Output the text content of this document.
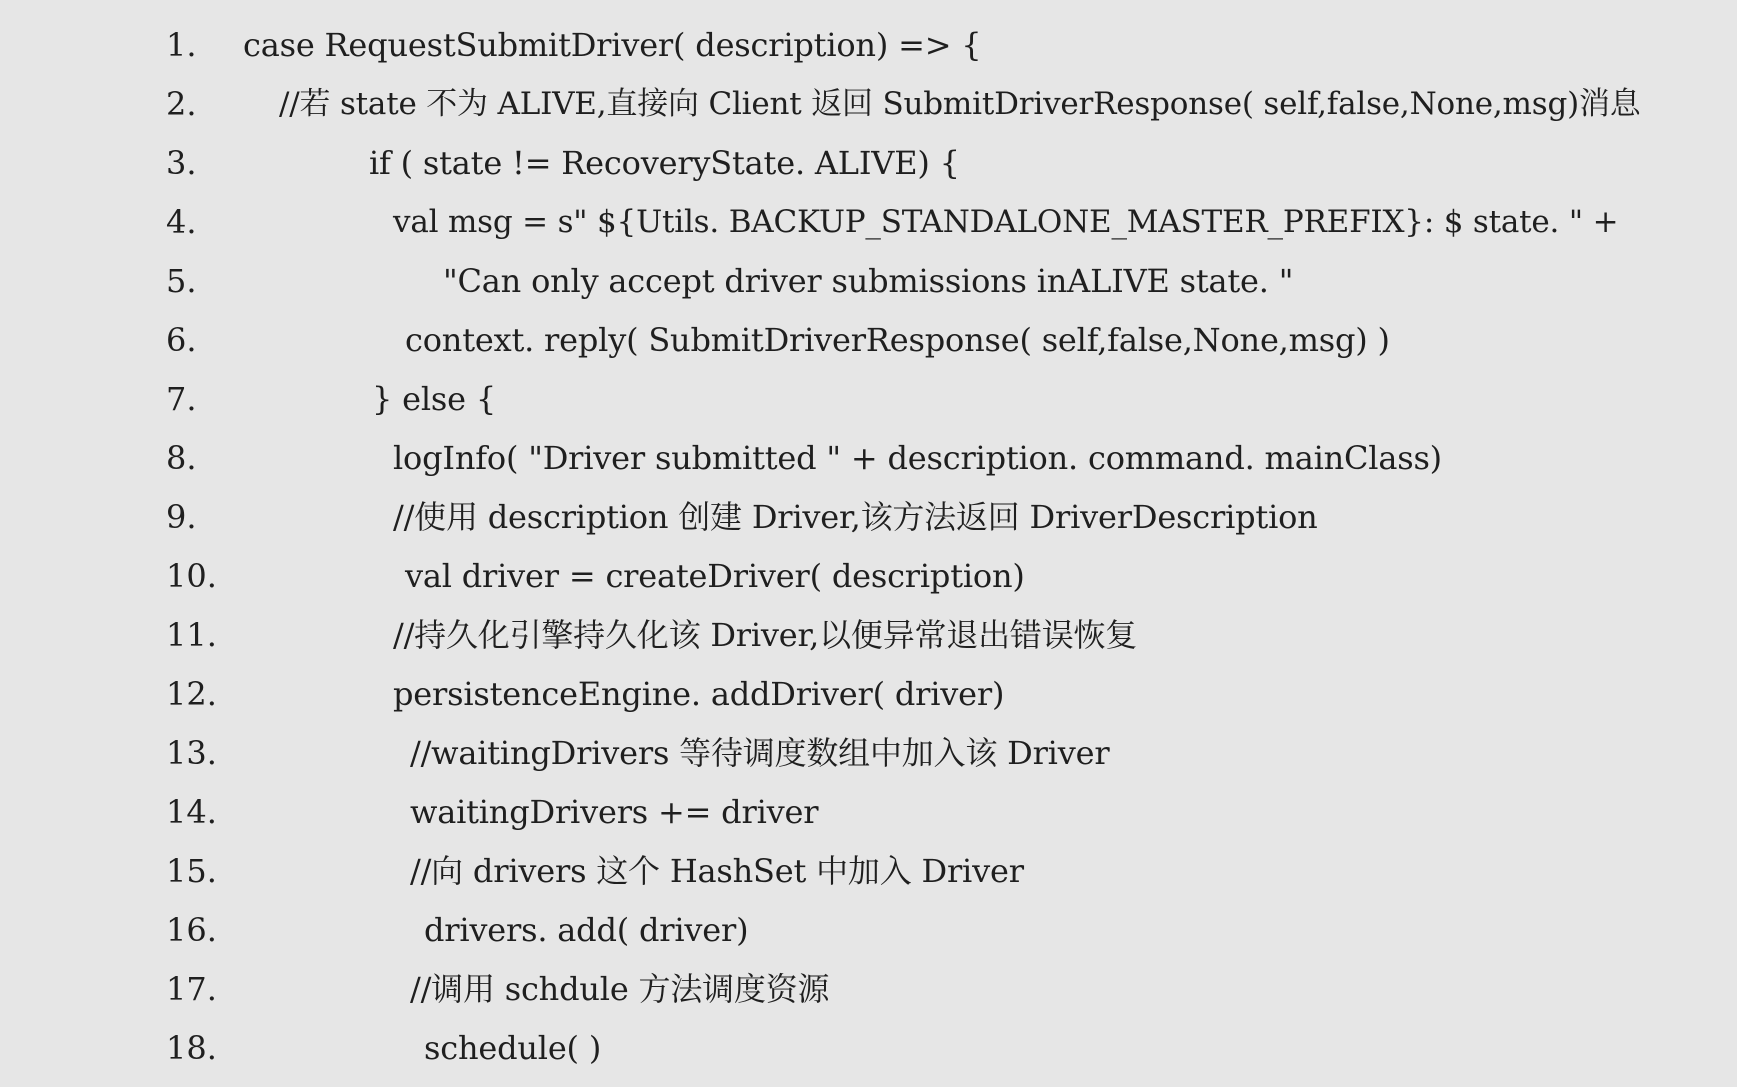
1.

case RequestSubmitDriver( description) => {

2.

	//若 state 不为 ALIVE,直接向 Client 返回 SubmitDriverResponse( self,false,None,msg)消息

3.

	if ( state != RecoveryState. ALIVE) {

4.

	val msg = s" ${Utils. BACKUP_STANDALONE_MASTER_PREFIX}: $ state. " +

5.

	"Can only accept driver submissions inALIVE state. "

6.

	context. reply( SubmitDriverResponse( self,false,None,msg) )

7.

	} else {

8.

	logInfo( "Driver submitted " + description. command. mainClass)

9.

	//使用 description 创建 Driver,该方法返回 DriverDescription

10.

	val driver = createDriver( description)

11.

	//持久化引擎持久化该 Driver,以便异常退出错误恢复

12.

	persistenceEngine. addDriver( driver)

13.

	//waitingDrivers 等待调度数组中加入该 Driver

14.

	waitingDrivers += driver

15.

	//向 drivers 这个 HashSet 中加入 Driver

16.

	drivers. add( driver)

17.

	//调用 schdule 方法调度资源

18.

	schedule( )
